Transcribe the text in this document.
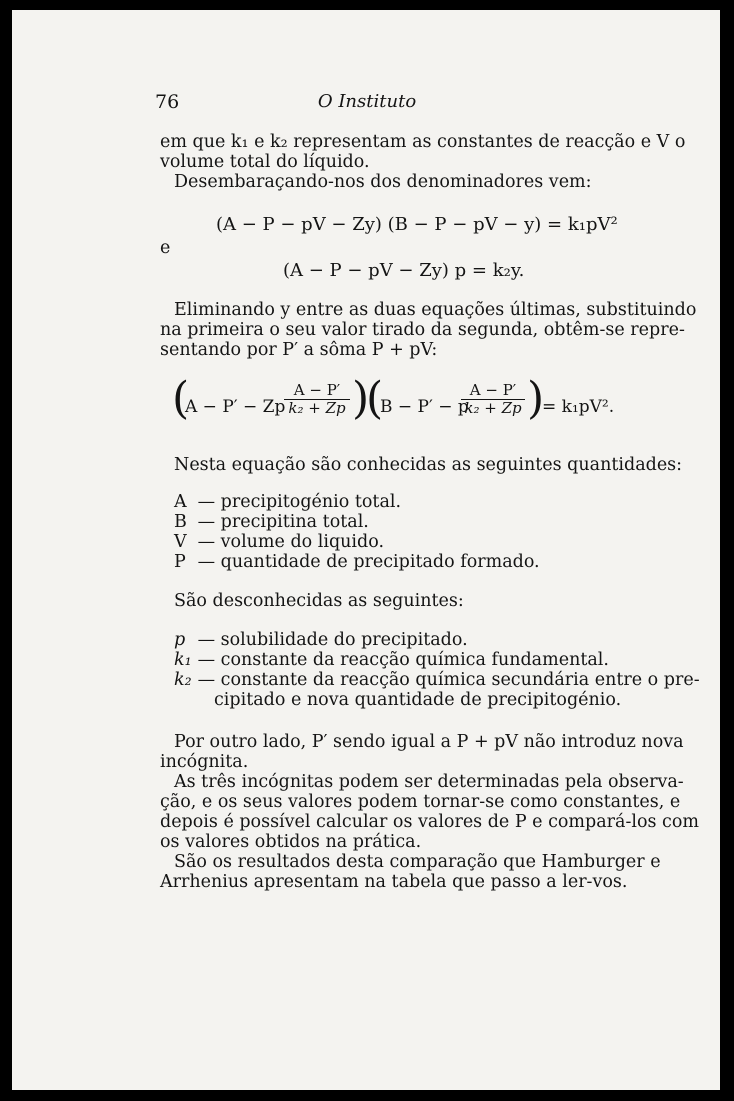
76	O Instituto
em que k₁ e k₂ representam as constantes de reacção e V o
volume total do líquido.
Desembaraçando-nos dos denominadores vem:
(A − P − pV − Zy) (B − P − pV − y) = k₁pV²
e
(A − P − pV − Zy) p = k₂y.
Eliminando y entre as duas equações últimas, substituindo
na primeira o seu valor tirado da segunda, obtêm-se repre-
sentando por P′ a sôma P + pV:
(
A − P′ − Zp
$\frac{A - P'}{\text{k₂ + Zp}}$ )
(
B − P′ − p
$\frac{A - P'}{\text{k₂ + Zp}}$ )
= k₁pV².
Nesta equação são conhecidas as seguintes quantidades:
A — precipitogénio total.
B — precipitina total.
V — volume do liquido.
P — quantidade de precipitado formado.
São desconhecidas as seguintes:
p — solubilidade do precipitado.
k₁ — constante da reacção química fundamental.
k₂ — constante da reacção química secundária entre o pre-
cipitado e nova quantidade de precipitogénio.
Por outro lado, P′ sendo igual a P + pV não introduz nova
incógnita.
As três incógnitas podem ser determinadas pela observa-
ção, e os seus valores podem tornar-se como constantes, e
depois é possível calcular os valores de P e compará-los com
os valores obtidos na prática.
São os resultados desta comparação que Hamburger e
Arrhenius apresentam na tabela que passo a ler-vos.
